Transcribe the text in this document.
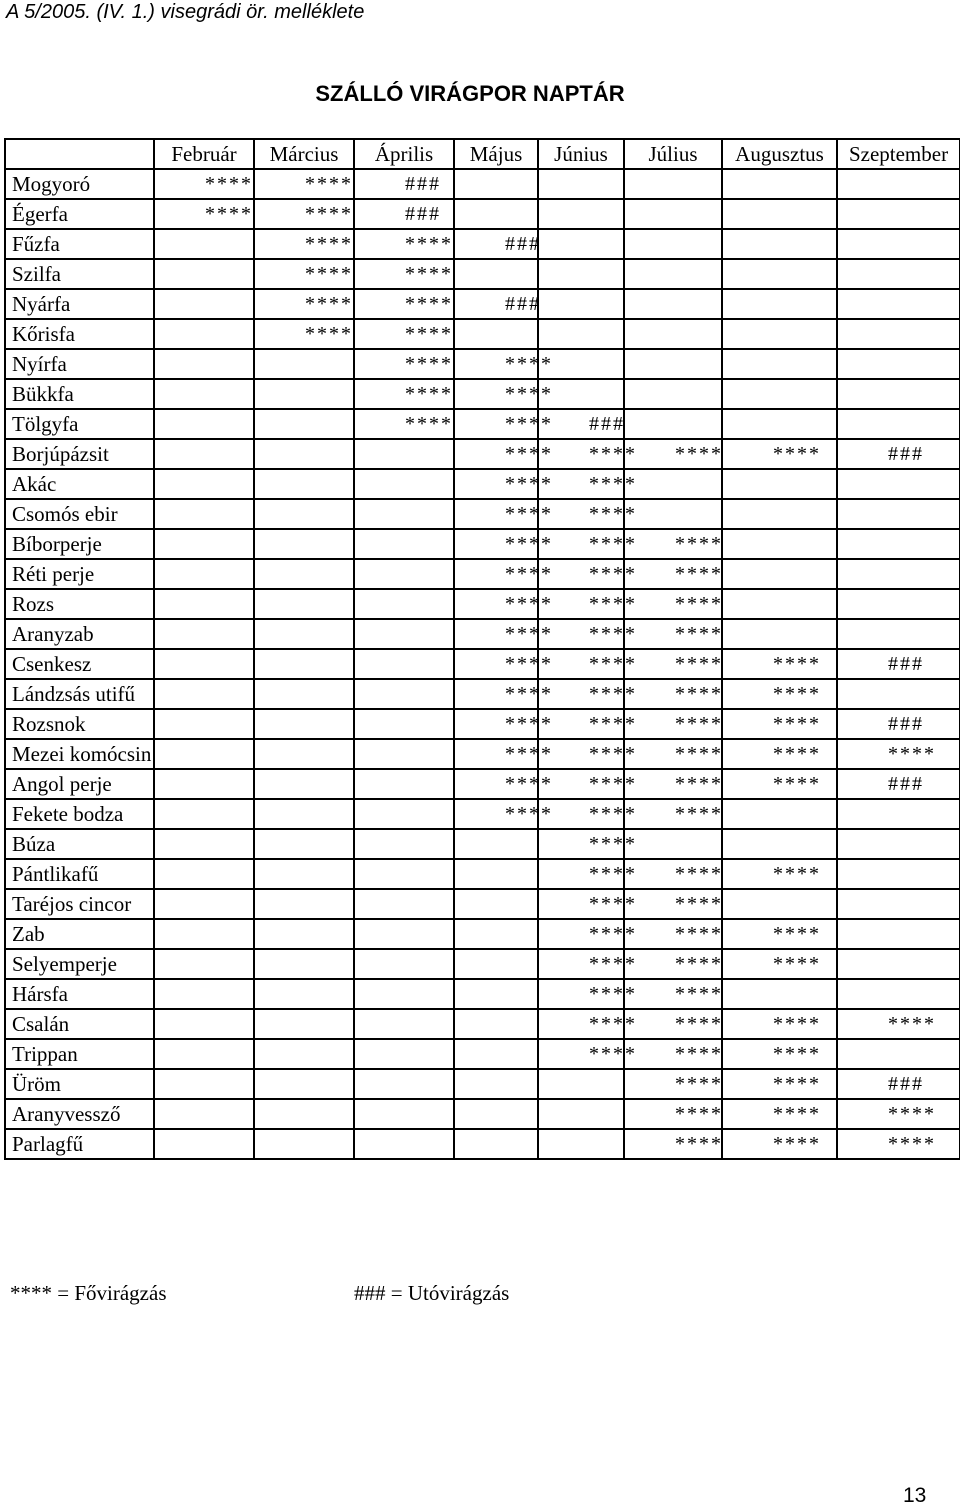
A 5/2005. (IV. 1.) visegrádi ör. melléklete
SZÁLLÓ VIRÁGPOR NAPTÁR
	Február	Március	Április	Május	Június	Július	Augusztus	Szeptember
Mogyoró	****	****	###					

Égerfa	****	****	###					

Fűzfa		****	****	###				

Szilfa		****	****					

Nyárfa		****	****	###				

Kőrisfa		****	****					

Nyírfa			****	****				

Bükkfa			****	****				

Tölgyfa			****	****	###			

Borjúpázsit				****	****	****	****	###

Akác				****	****			

Csomós ebir				****	****			

Bíborperje				****	****	****		

Réti perje				****	****	****		

Rozs				****	****	****		

Aranyzab				****	****	****		

Csenkesz				****	****	****	****	###

Lándzsás utifű				****	****	****	****	

Rozsnok				****	****	****	****	###

Mezei komócsin				****	****	****	****	****

Angol perje				****	****	****	****	###

Fekete bodza				****	****	****		

Búza					****			

Pántlikafű					****	****	****	

Taréjos cincor					****	****		

Zab					****	****	****	

Selyemperje					****	****	****	

Hársfa					****	****		

Csalán					****	****	****	****

Trippan					****	****	****	

Üröm						****	****	###

Aranyvessző						****	****	****

Parlagfű						****	****	****
**** = Fővirágzás	### = Utóvirágzás
13
